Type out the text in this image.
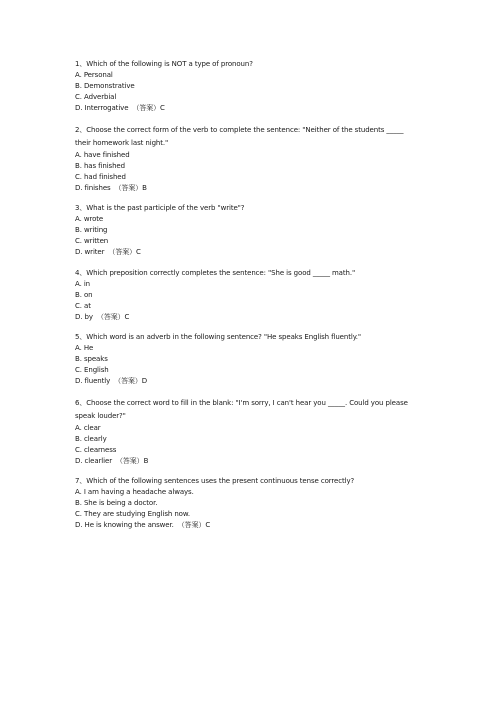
1、Which of the following is NOT a type of pronoun?
A. Personal
B. Demonstrative
C. Adverbial
D. Interrogative （答案）C
2、Choose the correct form of the verb to complete the sentence: "Neither of the students _____ their homework last night."
A. have finished
B. has finished
C. had finished
D. finishes （答案）B
3、What is the past participle of the verb "write"?
A. wrote
B. writing
C. written
D. writer （答案）C
4、Which preposition correctly completes the sentence: "She is good _____ math."
A. in
B. on
C. at
D. by （答案）C
5、Which word is an adverb in the following sentence? "He speaks English fluently."
A. He
B. speaks
C. English
D. fluently （答案）D
6、Choose the correct word to fill in the blank: "I'm sorry, I can't hear you _____. Could you please speak louder?"
A. clear
B. clearly
C. clearness
D. clearlier （答案）B
7、Which of the following sentences uses the present continuous tense correctly?
A. I am having a headache always.
B. She is being a doctor.
C. They are studying English now.
D. He is knowing the answer. （答案）C
